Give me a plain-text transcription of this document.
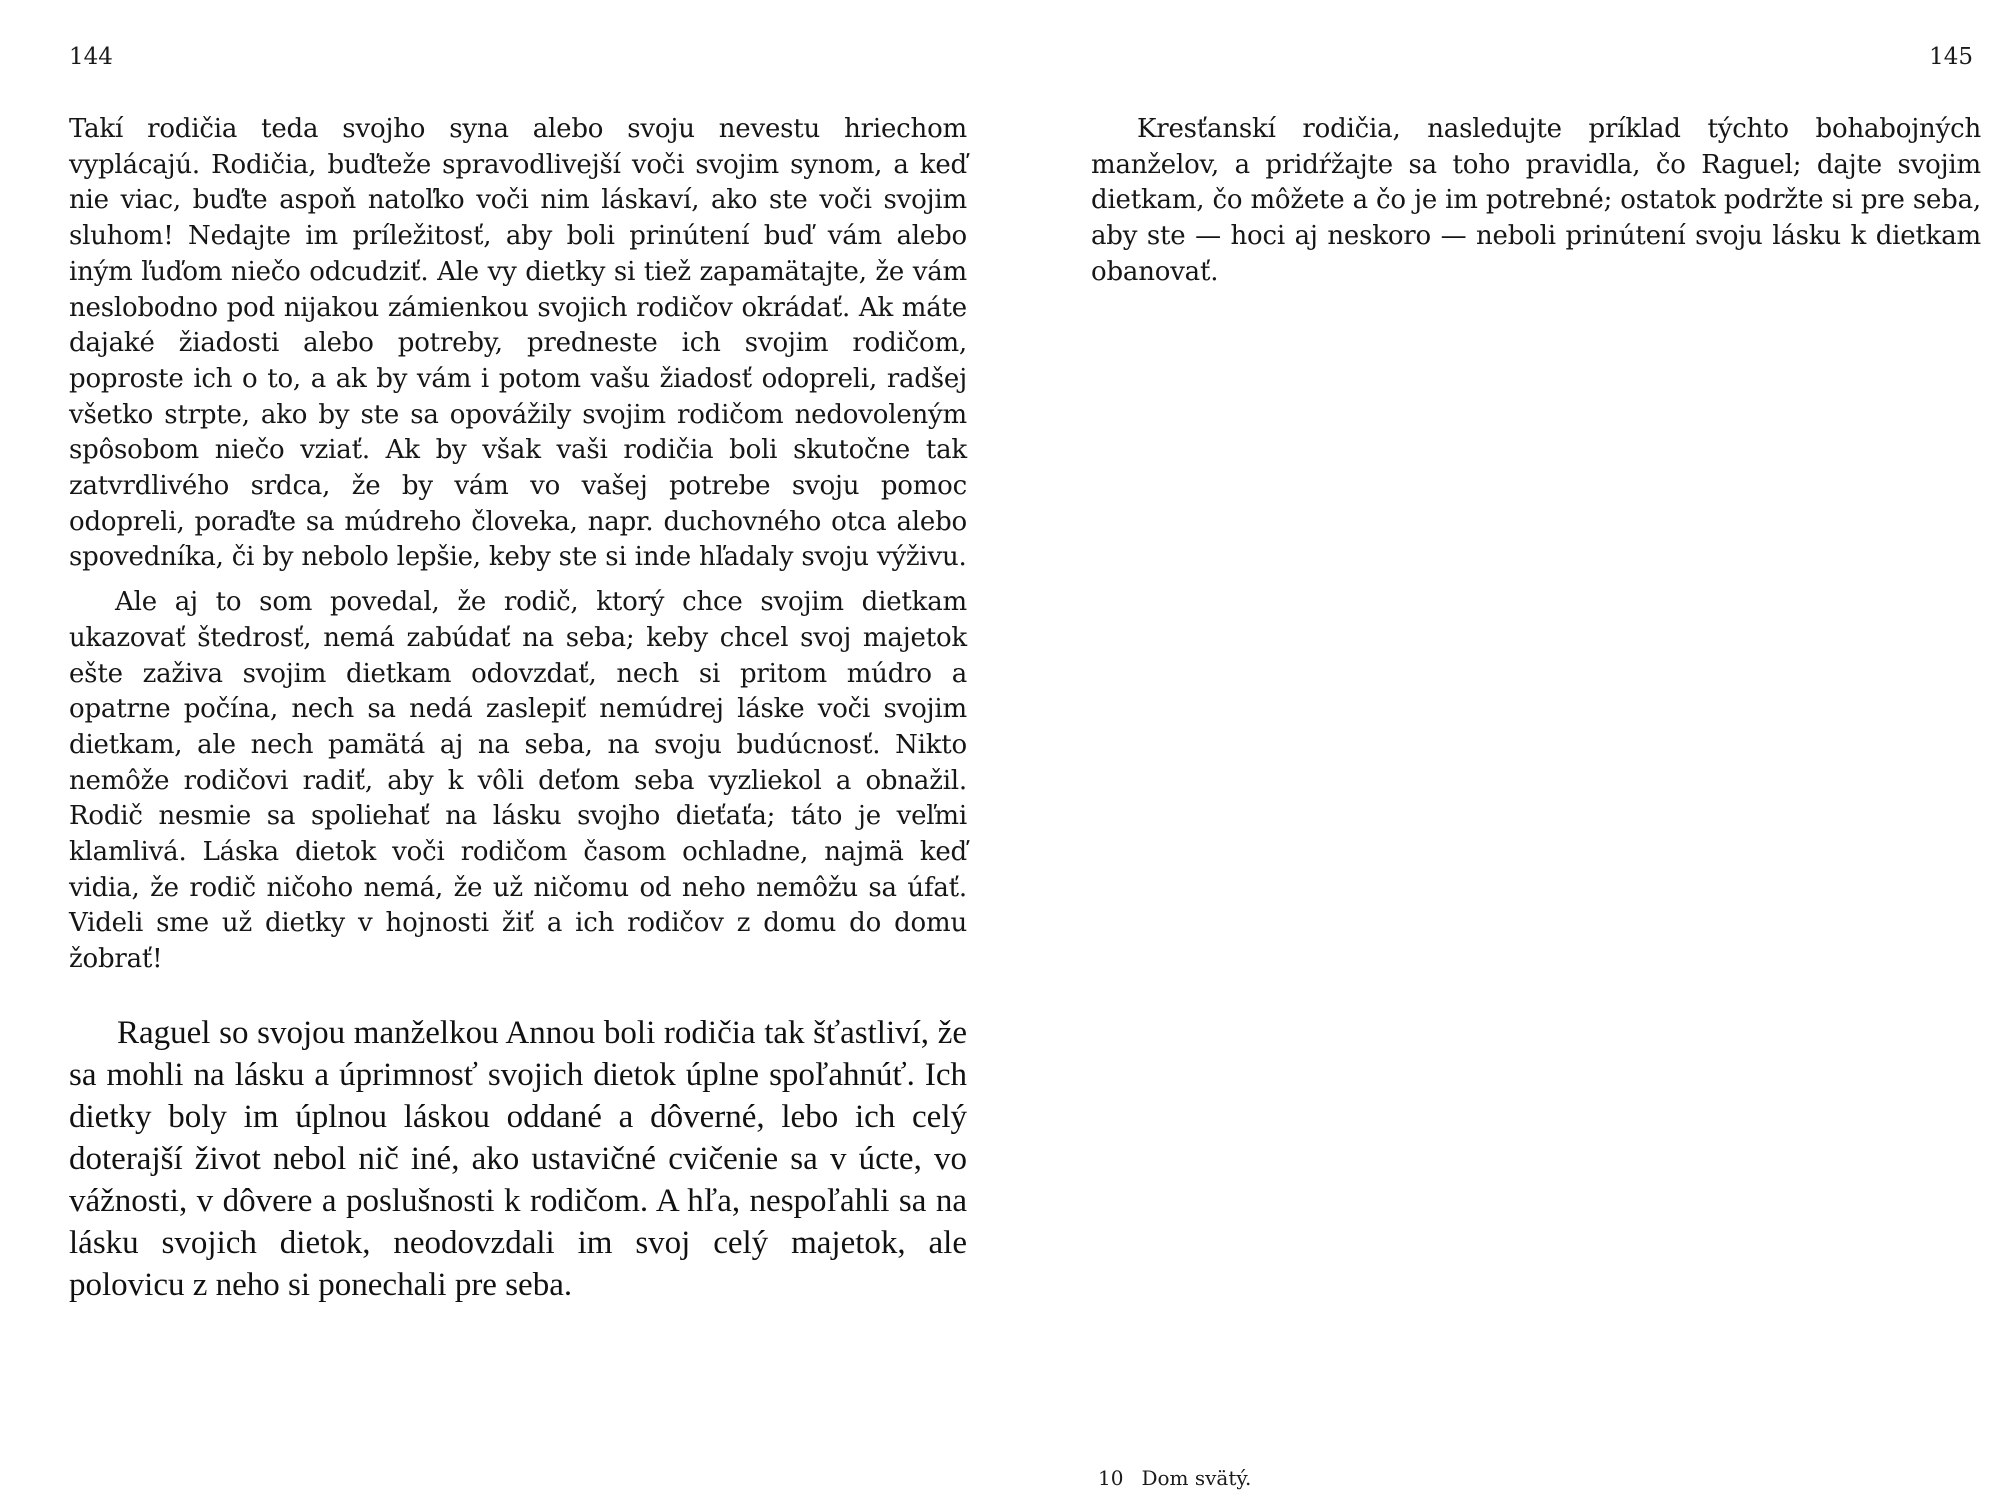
144	145

Takí rodičia teda svojho syna alebo svoju nevestu hriechom vyplácajú. Rodičia, buďteže spravodlivejší voči svojim synom, a keď nie viac, buďte aspoň natoľko voči nim láskaví, ako ste voči svojim sluhom! Nedajte im príležitosť, aby boli prinútení buď vám alebo iným ľuďom niečo odcudziť. Ale vy dietky si tiež zapamätajte, že vám neslobodno pod nijakou zámienkou svojich rodičov okrádať. Ak máte dajaké žiadosti alebo potreby, predneste ich svojim rodičom, poproste ich o to, a ak by vám i potom vašu žiadosť odopreli, radšej všetko strpte, ako by ste sa opovážily svojim rodičom nedovoleným spôsobom niečo vziať. Ak by však vaši rodičia boli skutočne tak zatvrdlivého srdca, že by vám vo vašej potrebe svoju pomoc odopreli, poraďte sa múdreho človeka, napr. duchovného otca alebo spovedníka, či by nebolo lepšie, keby ste si inde hľadaly svoju výživu.

Ale aj to som povedal, že rodič, ktorý chce svojim dietkam ukazovať štedrosť, nemá zabúdať na seba; keby chcel svoj majetok ešte zaživa svojim dietkam odovzdať, nech si pritom múdro a opatrne počína, nech sa nedá zaslepiť nemúdrej láske voči svojim dietkam, ale nech pamätá aj na seba, na svoju budúcnosť. Nikto nemôže rodičovi radiť, aby k vôli deťom seba vyzliekol a obnažil. Rodič nesmie sa spoliehať na lásku svojho dieťaťa; táto je veľmi klamlivá. Láska dietok voči rodičom časom ochladne, najmä keď vidia, že rodič ničoho nemá, že už ničomu od neho nemôžu sa úfať. Videli sme už dietky v hojnosti žiť a ich rodičov z domu do domu žobrať!

Raguel so svojou manželkou Annou boli rodičia tak šťastliví, že sa mohli na lásku a úprimnosť svojich dietok úplne spoľahnúť. Ich dietky boly im úplnou láskou oddané a dôverné, lebo ich celý doterajší život nebol nič iné, ako ustavičné cvičenie sa v úcte, vo vážnosti, v dôvere a poslušnosti k rodičom. A hľa, nespoľahli sa na lásku svojich dietok, neodovzdali im svoj celý majetok, ale polovicu z neho si ponechali pre seba.

Kresťanskí rodičia, nasledujte príklad týchto bohabojných manželov, a pridŕžajte sa toho pravidla, čo Raguel; dajte svojim dietkam, čo môžete a čo je im potrebné; ostatok podržte si pre seba, aby ste — hoci aj neskoro — neboli prinútení svoju lásku k dietkam obanovať.

10 Dom svätý.
